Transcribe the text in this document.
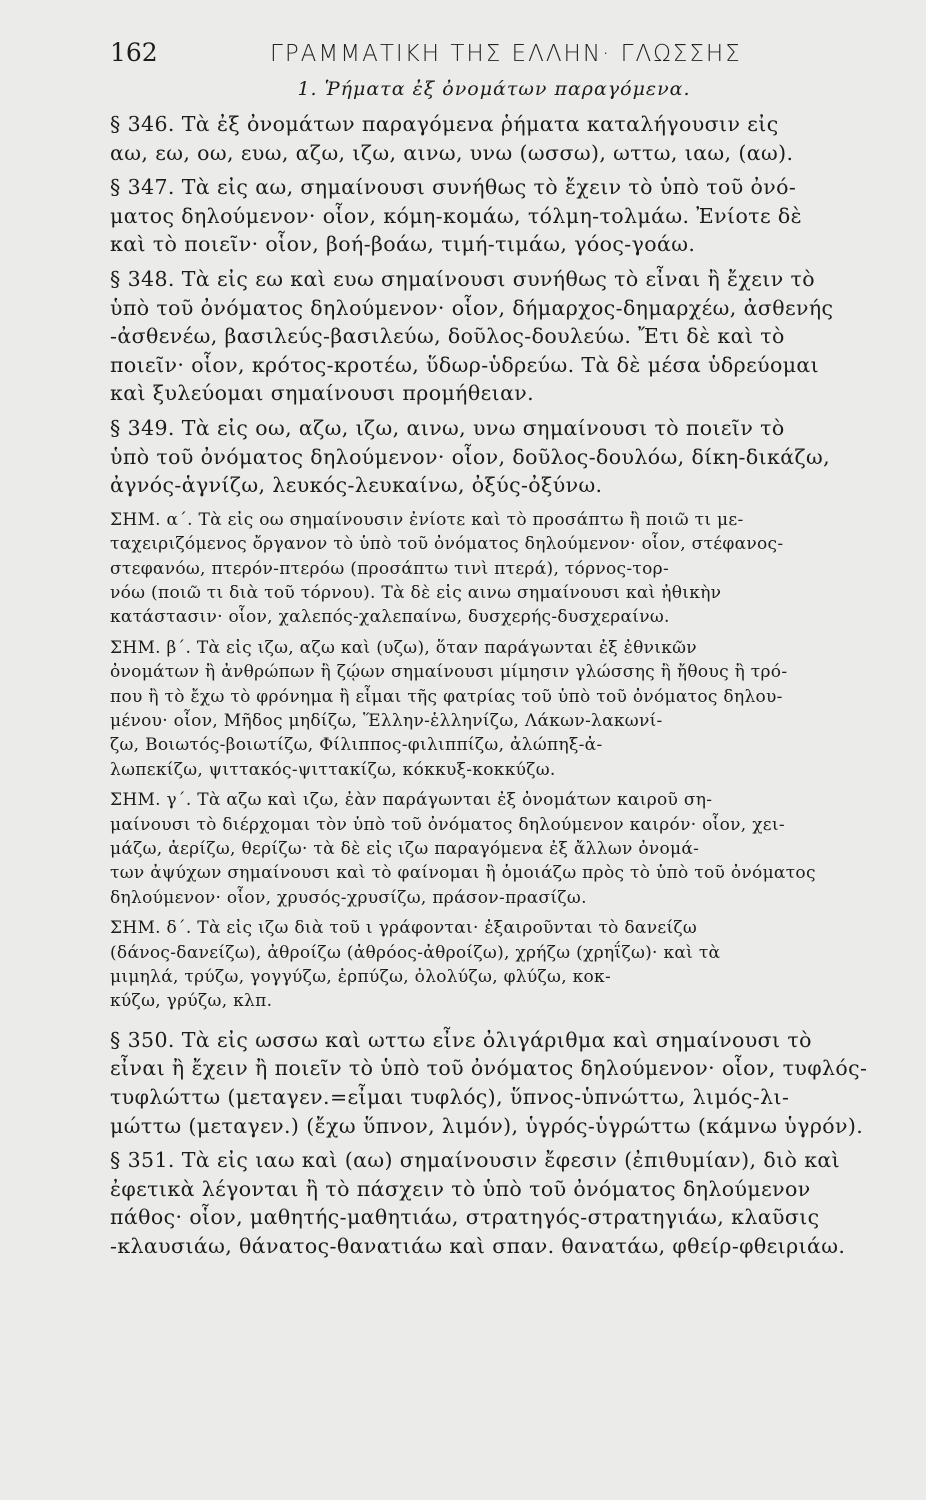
162	ΓΡΑΜΜΑΤΙΚΗ ΤΗΣ ΕΛΛΗΝ· ΓΛΩΣΣΗΣ
1. Ῥήματα ἐξ ὀνομάτων παραγόμενα.

§ 346. Τὰ ἐξ ὀνομάτων παραγόμενα ῥήματα καταλήγουσιν εἰς
αω, εω, οω, ευω, αζω, ιζω, αινω, υνω (ωσσω), ωττω, ιαω, (αω).

§ 347. Τὰ εἰς αω, σημαίνουσι συνήθως τὸ ἔχειν τὸ ὑπὸ τοῦ ὀνό-
ματος δηλούμενον· οἷον, κόμη-κομάω, τόλμη-τολμάω. Ἐνίοτε δὲ
καὶ τὸ ποιεῖν· οἷον, βοή-βοάω, τιμή-τιμάω, γόος-γοάω.

§ 348. Τὰ εἰς εω καὶ ευω σημαίνουσι συνήθως τὸ εἶναι ἢ ἔχειν τὸ
ὑπὸ τοῦ ὀνόματος δηλούμενον· οἷον, δήμαρχος-δημαρχέω, ἀσθενής
-ἀσθενέω, βασιλεύς-βασιλεύω, δοῦλος-δουλεύω. Ἔτι δὲ καὶ τὸ
ποιεῖν· οἷον, κρότος-κροτέω, ὕδωρ-ὑδρεύω. Τὰ δὲ μέσα ὑδρεύομαι
καὶ ξυλεύομαι σημαίνουσι προμήθειαν.

§ 349. Τὰ εἰς οω, αζω, ιζω, αινω, υνω σημαίνουσι τὸ ποιεῖν τὸ
ὑπὸ τοῦ ὀνόματος δηλούμενον· οἷον, δοῦλος-δουλόω, δίκη-δικάζω,
ἀγνός-ἁγνίζω, λευκός-λευκαίνω, ὀξύς-ὀξύνω.

ΣΗΜ. α΄. Τὰ εἰς οω σημαίνουσιν ἐνίοτε καὶ τὸ προσάπτω ἢ ποιῶ τι με-
ταχειριζόμενος ὄργανον τὸ ὑπὸ τοῦ ὀνόματος δηλούμενον· οἷον, στέφανος-
στεφανόω, πτερόν-πτερόω (προσάπτω τινὶ πτερά), τόρνος-τορ-
νόω (ποιῶ τι διὰ τοῦ τόρνου). Τὰ δὲ εἰς αινω σημαίνουσι καὶ ἠθικὴν
κατάστασιν· οἷον, χαλεπός-χαλεπαίνω, δυσχερής-δυσχεραίνω.

ΣΗΜ. β΄. Τὰ εἰς ιζω, αζω καὶ (υζω), ὅταν παράγωνται ἐξ ἐθνικῶν
ὀνομάτων ἢ ἀνθρώπων ἢ ζῴων σημαίνουσι μίμησιν γλώσσης ἢ ἤθους ἢ τρό-
που ἢ τὸ ἔχω τὸ φρόνημα ἢ εἶμαι τῆς φατρίας τοῦ ὑπὸ τοῦ ὀνόματος δηλου-
μένου· οἷον, Μῆδος μηδίζω, Ἕλλην-ἑλληνίζω, Λάκων-λακωνί-
ζω, Βοιωτός-βοιωτίζω, Φίλιππος-φιλιππίζω, ἀλώπηξ-ἀ-
λωπεκίζω, ψιττακός-ψιττακίζω, κόκκυξ-κοκκύζω.

ΣΗΜ. γ΄. Τὰ αζω καὶ ιζω, ἐὰν παράγωνται ἐξ ὀνομάτων καιροῦ ση-
μαίνουσι τὸ διέρχομαι τὸν ὑπὸ τοῦ ὀνόματος δηλούμενον καιρόν· οἷον, χει-
μάζω, ἀερίζω, θερίζω· τὰ δὲ εἰς ιζω παραγόμενα ἐξ ἄλλων ὀνομά-
των ἀψύχων σημαίνουσι καὶ τὸ φαίνομαι ἢ ὁμοιάζω πρὸς τὸ ὑπὸ τοῦ ὀνόματος
δηλούμενον· οἷον, χρυσός-χρυσίζω, πράσον-πρασίζω.

ΣΗΜ. δ΄. Τὰ εἰς ιζω διὰ τοῦ ι γράφονται· ἐξαιροῦνται τὸ δανείζω
(δάνος-δανείζω), ἀθροίζω (ἀθρόος-ἀθροίζω), χρήζω (χρηΐζω)· καὶ τὰ
μιμηλά, τρύζω, γογγύζω, ἑρπύζω, ὀλολύζω, φλύζω, κοκ-
κύζω, γρύζω, κλπ.

§ 350. Τὰ εἰς ωσσω καὶ ωττω εἶνε ὀλιγάριθμα καὶ σημαίνουσι τὸ
εἶναι ἢ ἔχειν ἢ ποιεῖν τὸ ὑπὸ τοῦ ὀνόματος δηλούμενον· οἷον, τυφλός-
τυφλώττω (μεταγεν.=εἶμαι τυφλός), ὕπνος-ὑπνώττω, λιμός-λι-
μώττω (μεταγεν.) (ἔχω ὕπνον, λιμόν), ὑγρός-ὑγρώττω (κάμνω ὑγρόν).

§ 351. Τὰ εἰς ιαω καὶ (αω) σημαίνουσιν ἔφεσιν (ἐπιθυμίαν), διὸ καὶ
ἐφετικὰ λέγονται ἢ τὸ πάσχειν τὸ ὑπὸ τοῦ ὀνόματος δηλούμενον
πάθος· οἷον, μαθητής-μαθητιάω, στρατηγός-στρατηγιάω, κλαῦσις
-κλαυσιάω, θάνατος-θανατιάω καὶ σπαν. θανατάω, φθείρ-φθειριάω.
